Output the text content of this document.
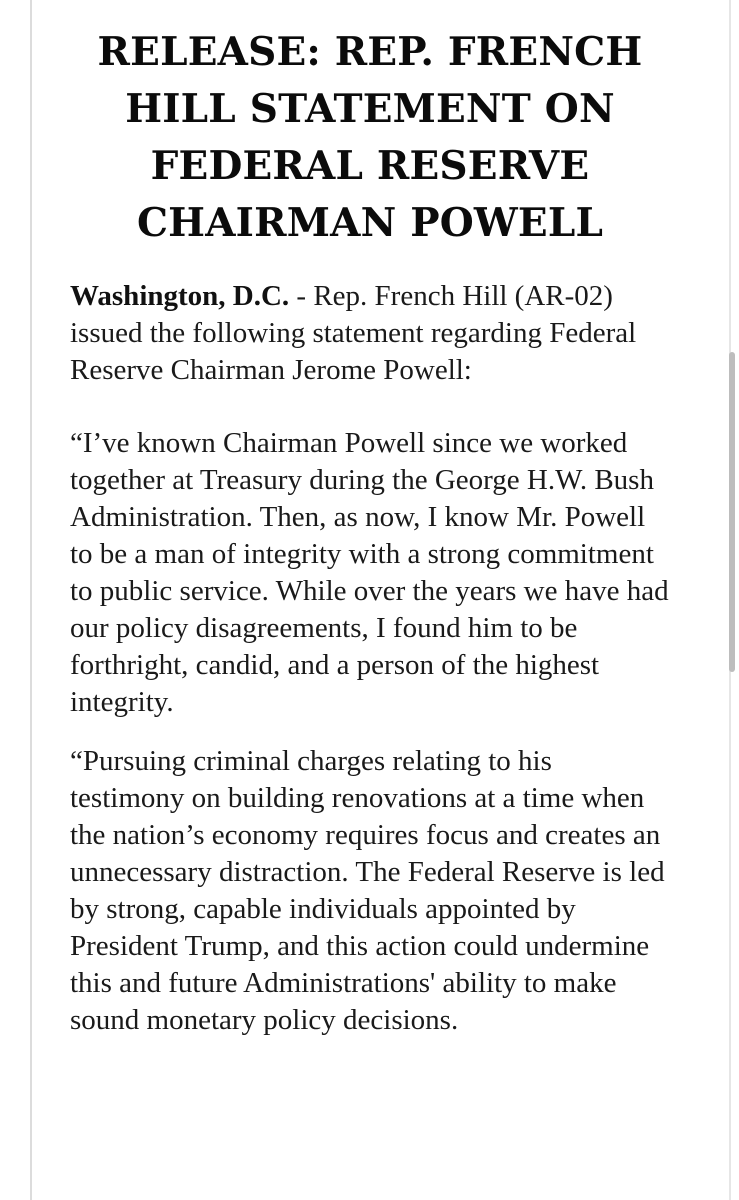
RELEASE: REP. FRENCH HILL STATEMENT ON FEDERAL RESERVE CHAIRMAN POWELL

Washington, D.C. - Rep. French Hill (AR-02) issued the following statement regarding Federal Reserve Chairman Jerome Powell:

“I’ve known Chairman Powell since we worked together at Treasury during the George H.W. Bush Administration. Then, as now, I know Mr. Powell to be a man of integrity with a strong commitment to public service. While over the years we have had our policy disagreements, I found him to be forthright, candid, and a person of the highest integrity.

“Pursuing criminal charges relating to his testimony on building renovations at a time when the nation’s economy requires focus and creates an unnecessary distraction. The Federal Reserve is led by strong, capable individuals appointed by President Trump, and this action could undermine this and future Administrations' ability to make sound monetary policy decisions.
